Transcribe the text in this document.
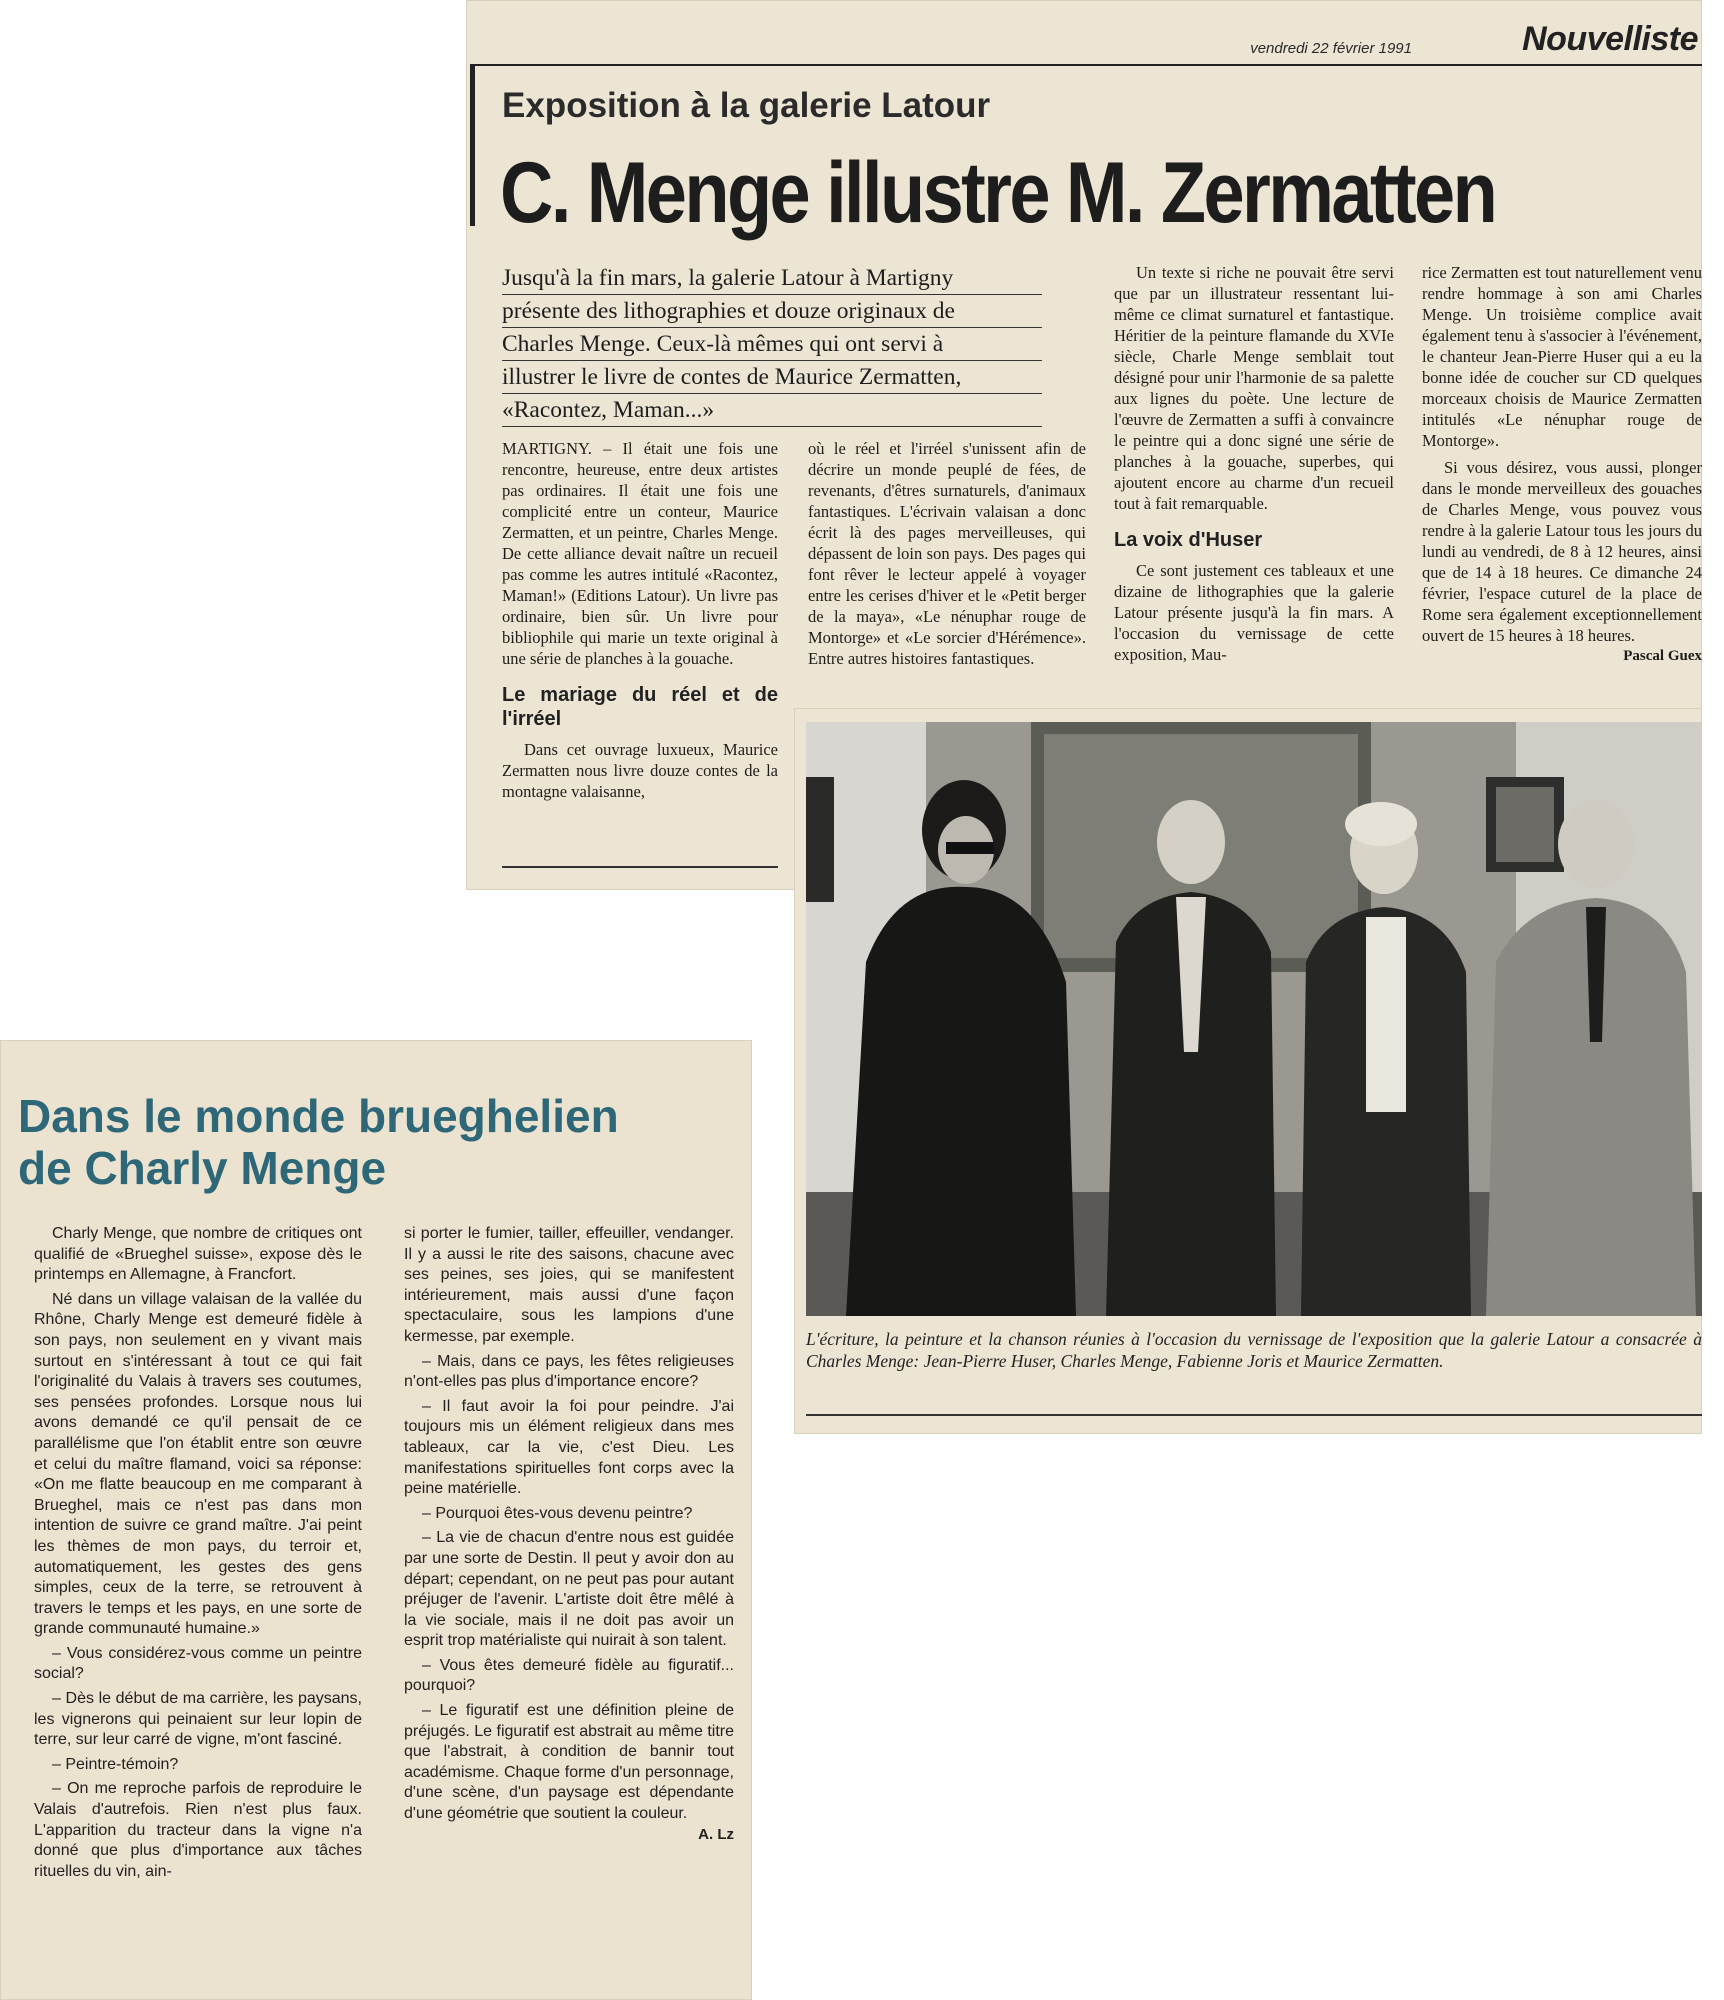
vendredi 22 février 1991	Nouvelliste
Exposition à la galerie Latour
C. Menge illustre M. Zermatten
Jusqu'à la fin mars, la galerie Latour à Martigny
présente des lithographies et douze originaux de
Charles Menge. Ceux-là mêmes qui ont servi à
illustrer le livre de contes de Maurice Zermatten,
«Racontez, Maman...»

MARTIGNY. – Il était une fois une rencontre, heureuse, entre deux artistes pas ordinaires. Il était une fois une complicité entre un conteur, Maurice Zermatten, et un peintre, Charles Menge. De cette alliance devait naître un recueil pas comme les autres intitulé «Racontez, Maman!» (Editions Latour). Un livre pas ordinaire, bien sûr. Un livre pour bibliophile qui marie un texte original à une série de planches à la gouache.

Le mariage du réel et de l'irréel

Dans cet ouvrage luxueux, Maurice Zermatten nous livre douze contes de la montagne valaisanne,

où le réel et l'irréel s'unissent afin de décrire un monde peuplé de fées, de revenants, d'êtres surnaturels, d'animaux fantastiques. L'écrivain valaisan a donc écrit là des pages merveilleuses, qui dépassent de loin son pays. Des pages qui font rêver le lecteur appelé à voyager entre les cerises d'hiver et le «Petit berger de la maya», «Le nénuphar rouge de Montorge» et «Le sorcier d'Hérémence». Entre autres histoires fantastiques.

Un texte si riche ne pouvait être servi que par un illustrateur ressentant lui-même ce climat surnaturel et fantastique. Héritier de la peinture flamande du XVIe siècle, Charle Menge semblait tout désigné pour unir l'harmonie de sa palette aux lignes du poète. Une lecture de l'œuvre de Zermatten a suffi à convaincre le peintre qui a donc signé une série de planches à la gouache, superbes, qui ajoutent encore au charme d'un recueil tout à fait remarquable.

La voix d'Huser

Ce sont justement ces tableaux et une dizaine de lithographies que la galerie Latour présente jusqu'à la fin mars. A l'occasion du vernissage de cette exposition, Mau-

rice Zermatten est tout naturellement venu rendre hommage à son ami Charles Menge. Un troisième complice avait également tenu à s'associer à l'événement, le chanteur Jean-Pierre Huser qui a eu la bonne idée de coucher sur CD quelques morceaux choisis de Maurice Zermatten intitulés «Le nénuphar rouge de Montorge».

Si vous désirez, vous aussi, plonger dans le monde merveilleux des gouaches de Charles Menge, vous pouvez vous rendre à la galerie Latour tous les jours du lundi au vendredi, de 8 à 12 heures, ainsi que de 14 à 18 heures. Ce dimanche 24 février, l'espace cuturel de la place de Rome sera également exceptionnellement ouvert de 15 heures à 18 heures.

Pascal Guex
L'écriture, la peinture et la chanson réunies à l'occasion du vernissage de l'exposition que la galerie Latour a consacrée à Charles Menge: Jean-Pierre Huser, Charles Menge, Fabienne Joris et Maurice Zermatten.
Dans le monde brueghelien
de Charly Menge

Charly Menge, que nombre de critiques ont qualifié de «Brueghel suisse», expose dès le printemps en Allemagne, à Francfort.

Né dans un village valaisan de la vallée du Rhône, Charly Menge est demeuré fidèle à son pays, non seulement en y vivant mais surtout en s'intéressant à tout ce qui fait l'originalité du Valais à travers ses coutumes, ses pensées profondes. Lorsque nous lui avons demandé ce qu'il pensait de ce parallélisme que l'on établit entre son œuvre et celui du maître flamand, voici sa réponse: «On me flatte beaucoup en me comparant à Brueghel, mais ce n'est pas dans mon intention de suivre ce grand maître. J'ai peint les thèmes de mon pays, du terroir et, automatiquement, les gestes des gens simples, ceux de la terre, se retrouvent à travers le temps et les pays, en une sorte de grande communauté humaine.»

– Vous considérez-vous comme un peintre social?

– Dès le début de ma carrière, les paysans, les vignerons qui peinaient sur leur lopin de terre, sur leur carré de vigne, m'ont fasciné.

– Peintre-témoin?

– On me reproche parfois de reproduire le Valais d'autrefois. Rien n'est plus faux. L'apparition du tracteur dans la vigne n'a donné que plus d'importance aux tâches rituelles du vin, ain-

si porter le fumier, tailler, effeuiller, vendanger. Il y a aussi le rite des saisons, chacune avec ses peines, ses joies, qui se manifestent intérieurement, mais aussi d'une façon spectaculaire, sous les lampions d'une kermesse, par exemple.

– Mais, dans ce pays, les fêtes religieuses n'ont-elles pas plus d'importance encore?

– Il faut avoir la foi pour peindre. J'ai toujours mis un élément religieux dans mes tableaux, car la vie, c'est Dieu. Les manifestations spirituelles font corps avec la peine matérielle.

– Pourquoi êtes-vous devenu peintre?

– La vie de chacun d'entre nous est guidée par une sorte de Destin. Il peut y avoir don au départ; cependant, on ne peut pas pour autant préjuger de l'avenir. L'artiste doit être mêlé à la vie sociale, mais il ne doit pas avoir un esprit trop matérialiste qui nuirait à son talent.

– Vous êtes demeuré fidèle au figuratif... pourquoi?

– Le figuratif est une définition pleine de préjugés. Le figuratif est abstrait au même titre que l'abstrait, à condition de bannir tout académisme. Chaque forme d'un personnage, d'une scène, d'un paysage est dépendante d'une géométrie que soutient la couleur.

A. Lz
